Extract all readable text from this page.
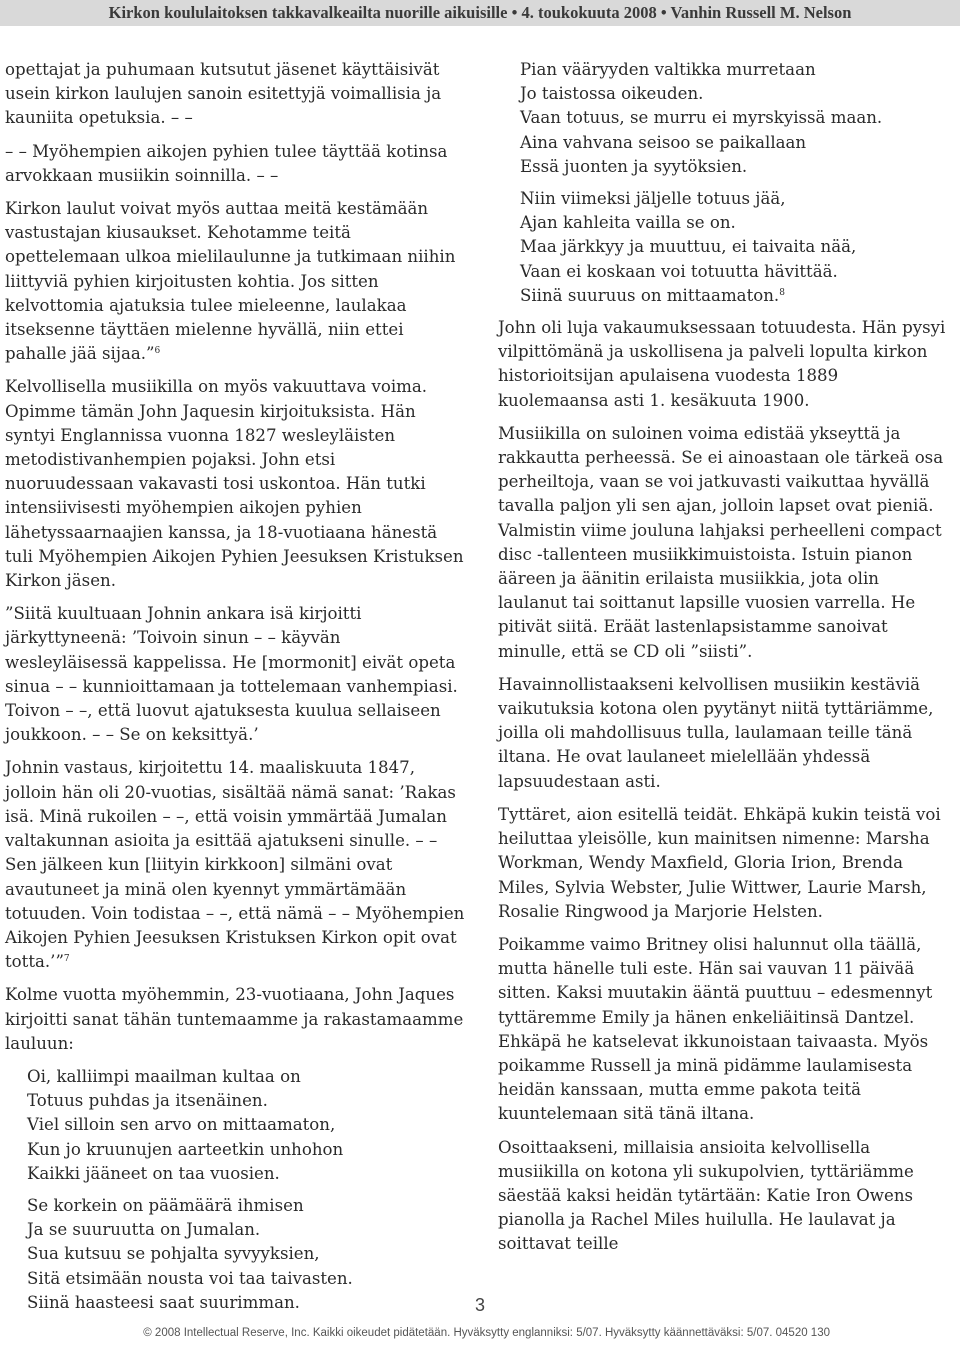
Kirkon koululaitoksen takkavalkeailta nuorille aikuisille • 4. toukokuuta 2008 • Vanhin Russell M. Nelson

opettajat ja puhumaan kutsutut jäsenet käyttäisivät usein kirkon laulujen sanoin esitettyjä voimallisia ja kauniita opetuksia. – –

– – Myöhempien aikojen pyhien tulee täyttää kotinsa arvokkaan musiikin soinnilla. – –

Kirkon laulut voivat myös auttaa meitä kestämään vastustajan kiusaukset. Kehotamme teitä opettelemaan ulkoa mielilaulunne ja tutkimaan niihin liittyviä pyhien kirjoitusten kohtia. Jos sitten kelvottomia ajatuksia tulee mieleenne, laulakaa itseksenne täyttäen mielenne hyvällä, niin ettei pahalle jää sijaa.”$^6$

Kelvollisella musiikilla on myös vakuuttava voima. Opimme tämän John Jaquesin kirjoituksista. Hän syntyi Englannissa vuonna 1827 wesleyläisten metodistivanhempien pojaksi. John etsi nuoruudessaan vakavasti tosi uskontoa. Hän tutki intensiivisesti myöhempien aikojen pyhien lähetyssaarnaajien kanssa, ja 18-vuotiaana hänestä tuli Myöhempien Aikojen Pyhien Jeesuksen Kristuksen Kirkon jäsen.

”Siitä kuultuaan Johnin ankara isä kirjoitti järkyttyneenä: ’Toivoin sinun – – käyvän wesleyläisessä kappelissa. He [mormonit] eivät opeta sinua – – kunnioittamaan ja tottelemaan vanhempiasi. Toivon – –, että luovut ajatuksesta kuulua sellaiseen joukkoon. – – Se on keksittyä.’

Johnin vastaus, kirjoitettu 14. maaliskuuta 1847, jolloin hän oli 20-vuotias, sisältää nämä sanat: ’Rakas isä. Minä rukoilen – –, että voisin ymmärtää Jumalan valtakunnan asioita ja esittää ajatukseni sinulle. – – Sen jälkeen kun [liityin kirkkoon] silmäni ovat avautuneet ja minä olen kyennyt ymmärtämään totuuden. Voin todistaa – –, että nämä – – Myöhempien Aikojen Pyhien Jeesuksen Kristuksen Kirkon opit ovat totta.’”$^7$

Kolme vuotta myöhemmin, 23-vuotiaana, John Jaques kirjoitti sanat tähän tuntemaamme ja rakastamaamme lauluun:

Oi, kalliimpi maailman kultaa on
Totuus puhdas ja itsenäinen.
Viel silloin sen arvo on mittaamaton,
Kun jo kruunujen aarteetkin unhohon
Kaikki jääneet on taa vuosien.
Se korkein on päämäärä ihmisen
Ja se suuruutta on Jumalan.
Sua kutsuu se pohjalta syvyyksien,
Sitä etsimään nousta voi taa taivasten.
Siinä haasteesi saat suurimman.
Pian vääryyden valtikka murretaan
Jo taistossa oikeuden.
Vaan totuus, se murru ei myrskyissä maan.
Aina vahvana seisoo se paikallaan
Essä juonten ja syytöksien.
Niin viimeksi jäljelle totuus jää,
Ajan kahleita vailla se on.
Maa järkkyy ja muuttuu, ei taivaita nää,
Vaan ei koskaan voi totuutta hävittää.
Siinä suuruus on mittaamaton.$^8$

John oli luja vakaumuksessaan totuudesta. Hän pysyi vilpittömänä ja uskollisena ja palveli lopulta kirkon historioitsijan apulaisena vuodesta 1889 kuolemaansa asti 1. kesäkuuta 1900.

Musiikilla on suloinen voima edistää ykseyttä ja rakkautta perheessä. Se ei ainoastaan ole tärkeä osa perheiltoja, vaan se voi jatkuvasti vaikuttaa hyvällä tavalla paljon yli sen ajan, jolloin lapset ovat pieniä. Valmistin viime jouluna lahjaksi perheelleni compact disc -tallenteen musiikkimuistoista. Istuin pianon ääreen ja äänitin erilaista musiikkia, jota olin laulanut tai soittanut lapsille vuosien varrella. He pitivät siitä. Eräät lastenlapsistamme sanoivat minulle, että se CD oli ”siisti”.

Havainnollistaakseni kelvollisen musiikin kestäviä vaikutuksia kotona olen pyytänyt niitä tyttäriämme, joilla oli mahdollisuus tulla, laulamaan teille tänä iltana. He ovat laulaneet mielellään yhdessä lapsuudestaan asti.

Tyttäret, aion esitellä teidät. Ehkäpä kukin teistä voi heiluttaa yleisölle, kun mainitsen nimenne: Marsha Workman, Wendy Maxfield, Gloria Irion, Brenda Miles, Sylvia Webster, Julie Wittwer, Laurie Marsh, Rosalie Ringwood ja Marjorie Helsten.

Poikamme vaimo Britney olisi halunnut olla täällä, mutta hänelle tuli este. Hän sai vauvan 11 päivää sitten. Kaksi muutakin ääntä puuttuu – edesmennyt tyttäremme Emily ja hänen enkeliäitinsä Dantzel. Ehkäpä he katselevat ikkunoistaan taivaasta. Myös poikamme Russell ja minä pidämme laulamisesta heidän kanssaan, mutta emme pakota teitä kuuntelemaan sitä tänä iltana.

Osoittaakseni, millaisia ansioita kelvollisella musiikilla on kotona yli sukupolvien, tyttäriämme säestää kaksi heidän tytärtään: Katie Iron Owens pianolla ja Rachel Miles huilulla. He laulavat ja soittavat teille

3
© 2008 Intellectual Reserve, Inc. Kaikki oikeudet pidätetään. Hyväksytty englanniksi: 5/07. Hyväksytty käännettäväksi: 5/07. 04520 130
